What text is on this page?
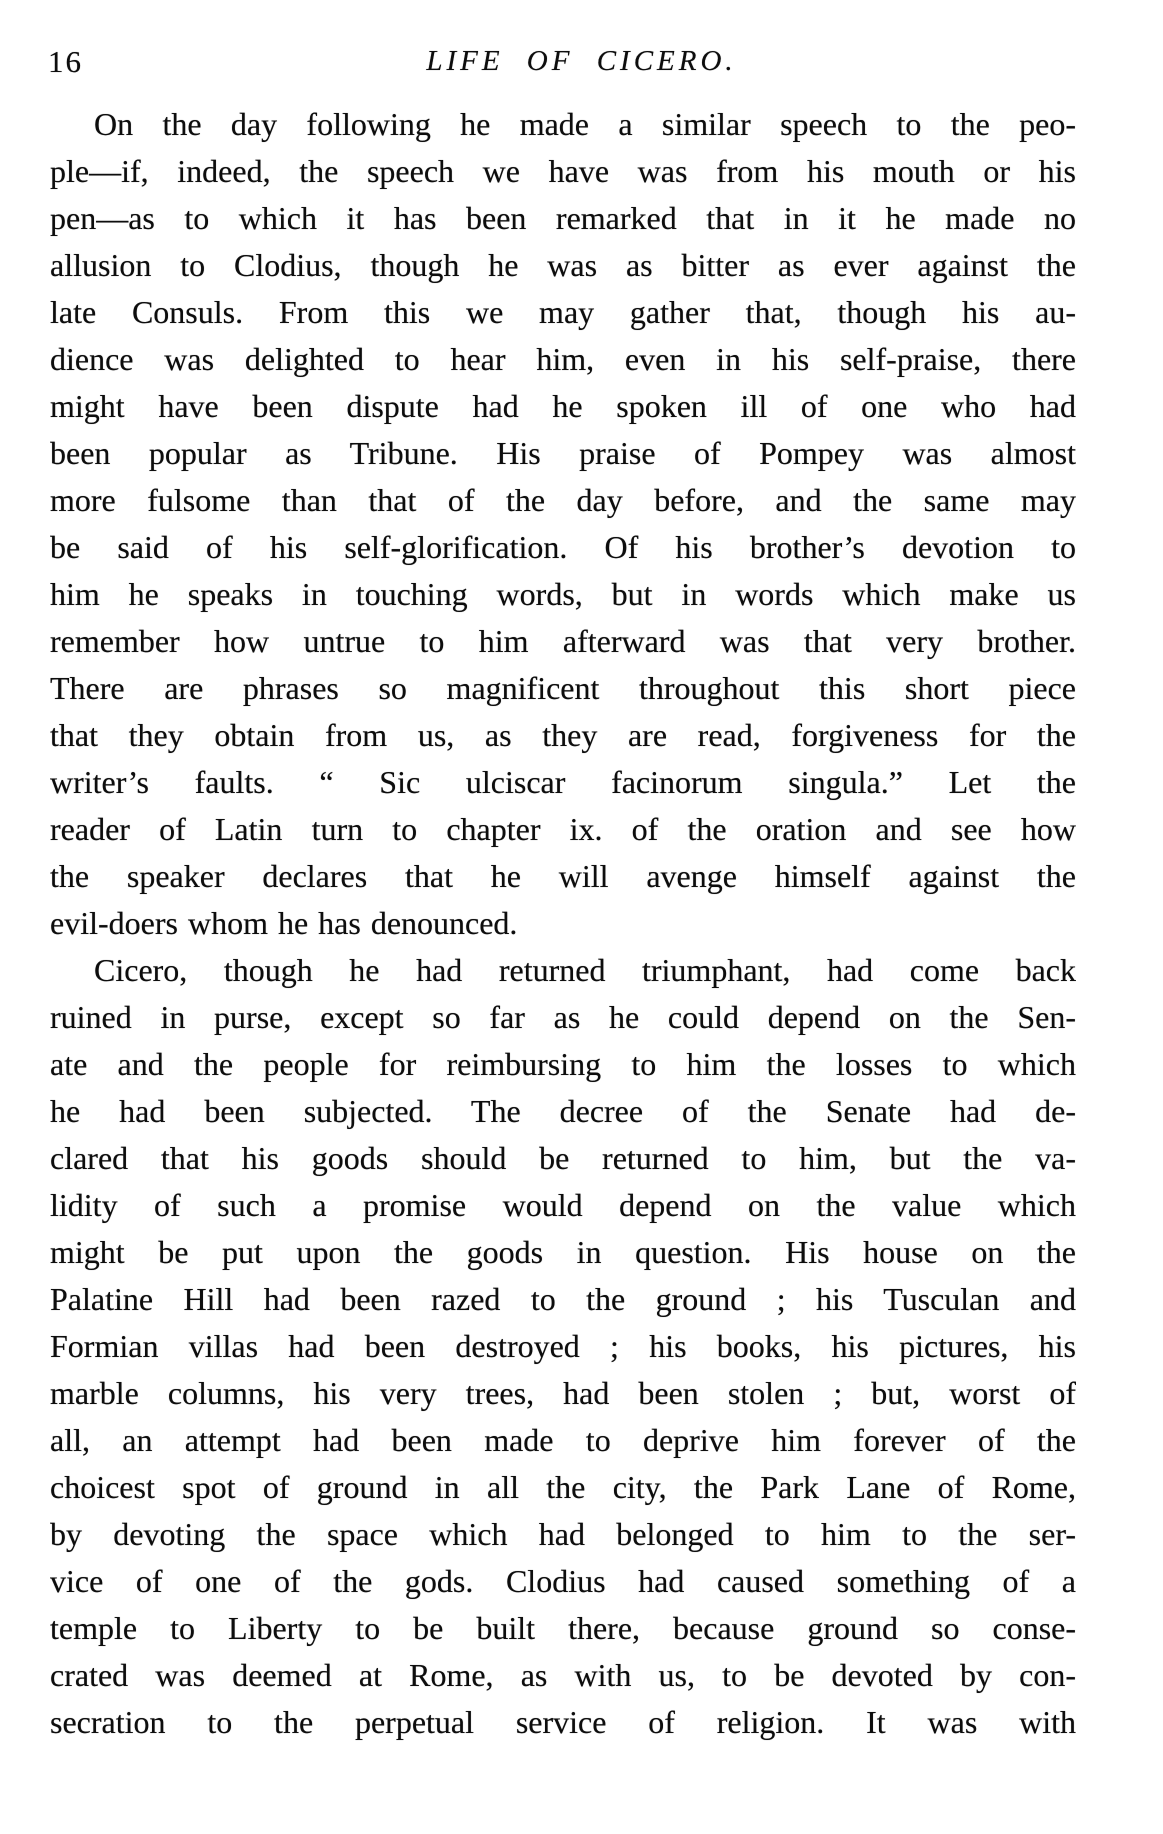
16	LIFE OF CICERO.
On the day following he made a similar speech to the peo-
ple—if, indeed, the speech we have was from his mouth or his
pen—as to which it has been remarked that in it he made no
allusion to Clodius, though he was as bitter as ever against the
late Consuls. From this we may gather that, though his au-
dience was delighted to hear him, even in his self-praise, there
might have been dispute had he spoken ill of one who had
been popular as Tribune. His praise of Pompey was almost
more fulsome than that of the day before, and the same may
be said of his self-glorification. Of his brother’s devotion to
him he speaks in touching words, but in words which make us
remember how untrue to him afterward was that very brother.
There are phrases so magnificent throughout this short piece
that they obtain from us, as they are read, forgiveness for the
writer’s faults. “ Sic ulciscar facinorum singula.” Let the
reader of Latin turn to chapter ix. of the oration and see how
the speaker declares that he will avenge himself against the
evil-doers whom he has denounced.
Cicero, though he had returned triumphant, had come back
ruined in purse, except so far as he could depend on the Sen-
ate and the people for reimbursing to him the losses to which
he had been subjected. The decree of the Senate had de-
clared that his goods should be returned to him, but the va-
lidity of such a promise would depend on the value which
might be put upon the goods in question. His house on the
Palatine Hill had been razed to the ground ; his Tusculan and
Formian villas had been destroyed ; his books, his pictures, his
marble columns, his very trees, had been stolen ; but, worst of
all, an attempt had been made to deprive him forever of the
choicest spot of ground in all the city, the Park Lane of Rome,
by devoting the space which had belonged to him to the ser-
vice of one of the gods. Clodius had caused something of a
temple to Liberty to be built there, because ground so conse-
crated was deemed at Rome, as with us, to be devoted by con-
secration to the perpetual service of religion. It was with
